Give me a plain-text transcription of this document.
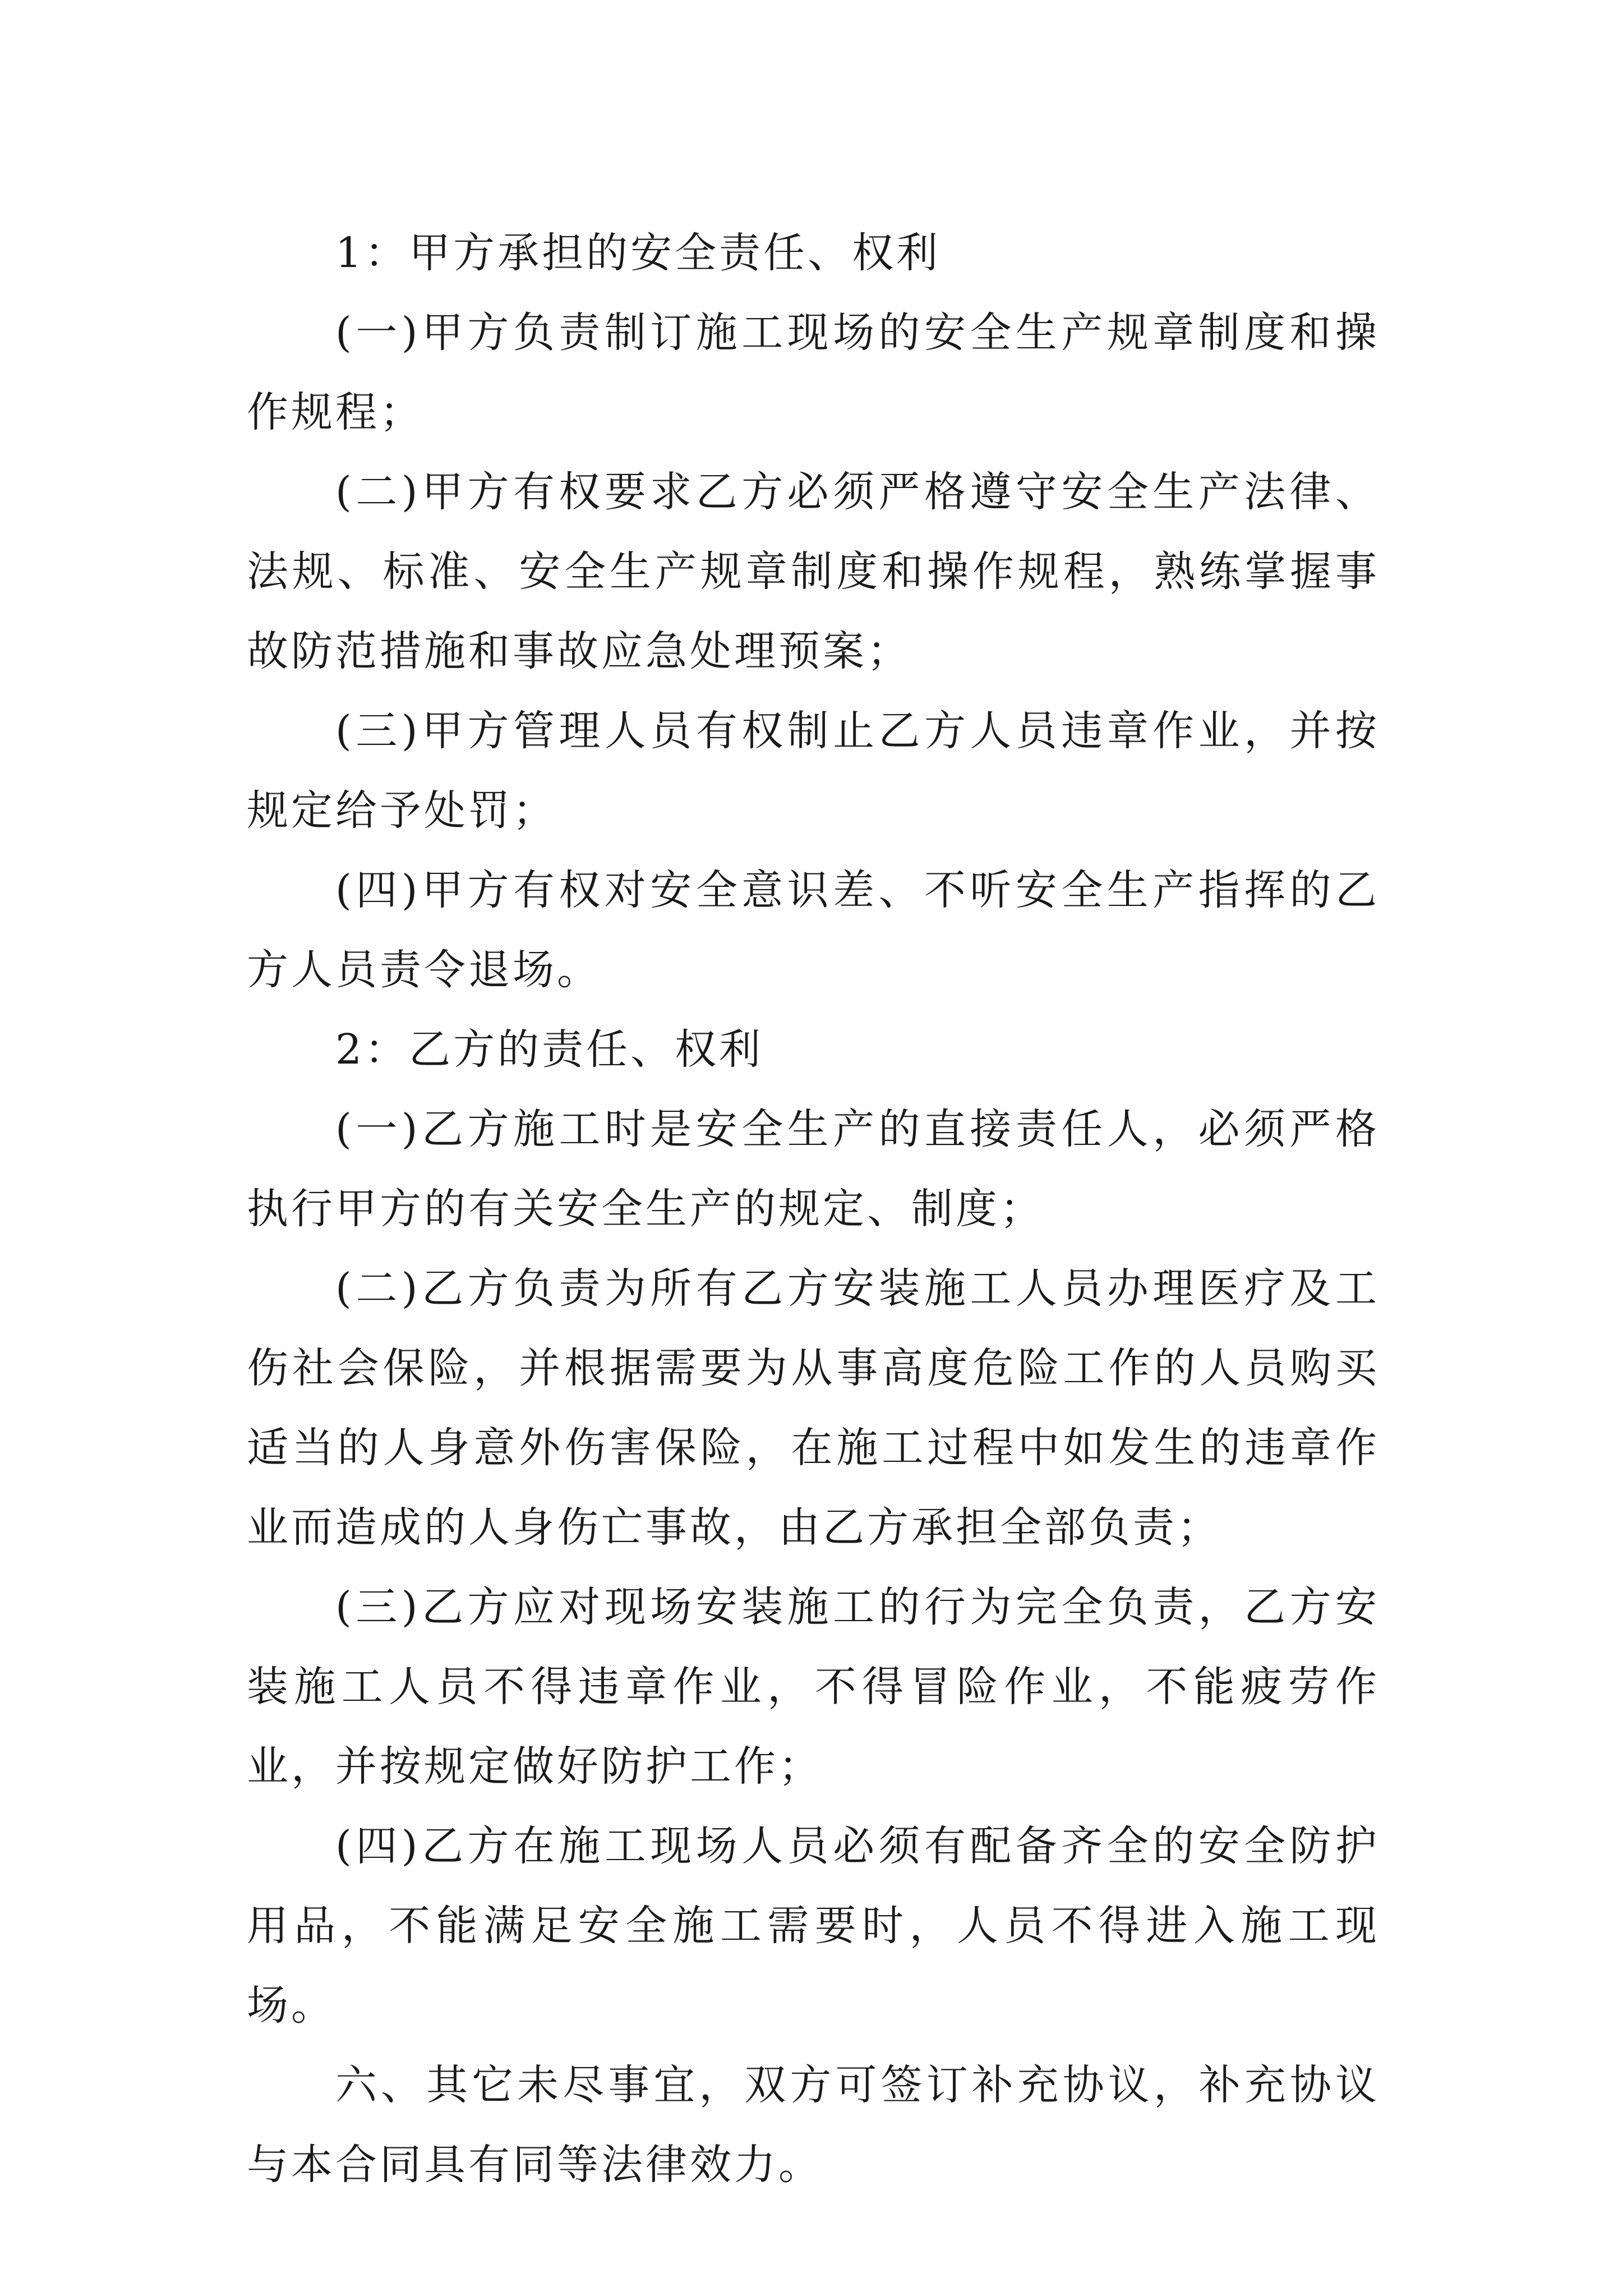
1：甲方承担的安全责任、权利

(一)甲方负责制订施工现场的安全生产规章制度和操作规程；

(二)甲方有权要求乙方必须严格遵守安全生产法律、法规、标准、安全生产规章制度和操作规程，熟练掌握事故防范措施和事故应急处理预案；

(三)甲方管理人员有权制止乙方人员违章作业，并按规定给予处罚；

(四)甲方有权对安全意识差、不听安全生产指挥的乙方人员责令退场。

2：乙方的责任、权利

(一)乙方施工时是安全生产的直接责任人，必须严格执行甲方的有关安全生产的规定、制度；

(二)乙方负责为所有乙方安装施工人员办理医疗及工伤社会保险，并根据需要为从事高度危险工作的人员购买适当的人身意外伤害保险，在施工过程中如发生的违章作业而造成的人身伤亡事故，由乙方承担全部负责；

(三)乙方应对现场安装施工的行为完全负责，乙方安装施工人员不得违章作业，不得冒险作业，不能疲劳作业，并按规定做好防护工作；

(四)乙方在施工现场人员必须有配备齐全的安全防护用品，不能满足安全施工需要时，人员不得进入施工现场。

六、其它未尽事宜，双方可签订补充协议，补充协议与本合同具有同等法律效力。
